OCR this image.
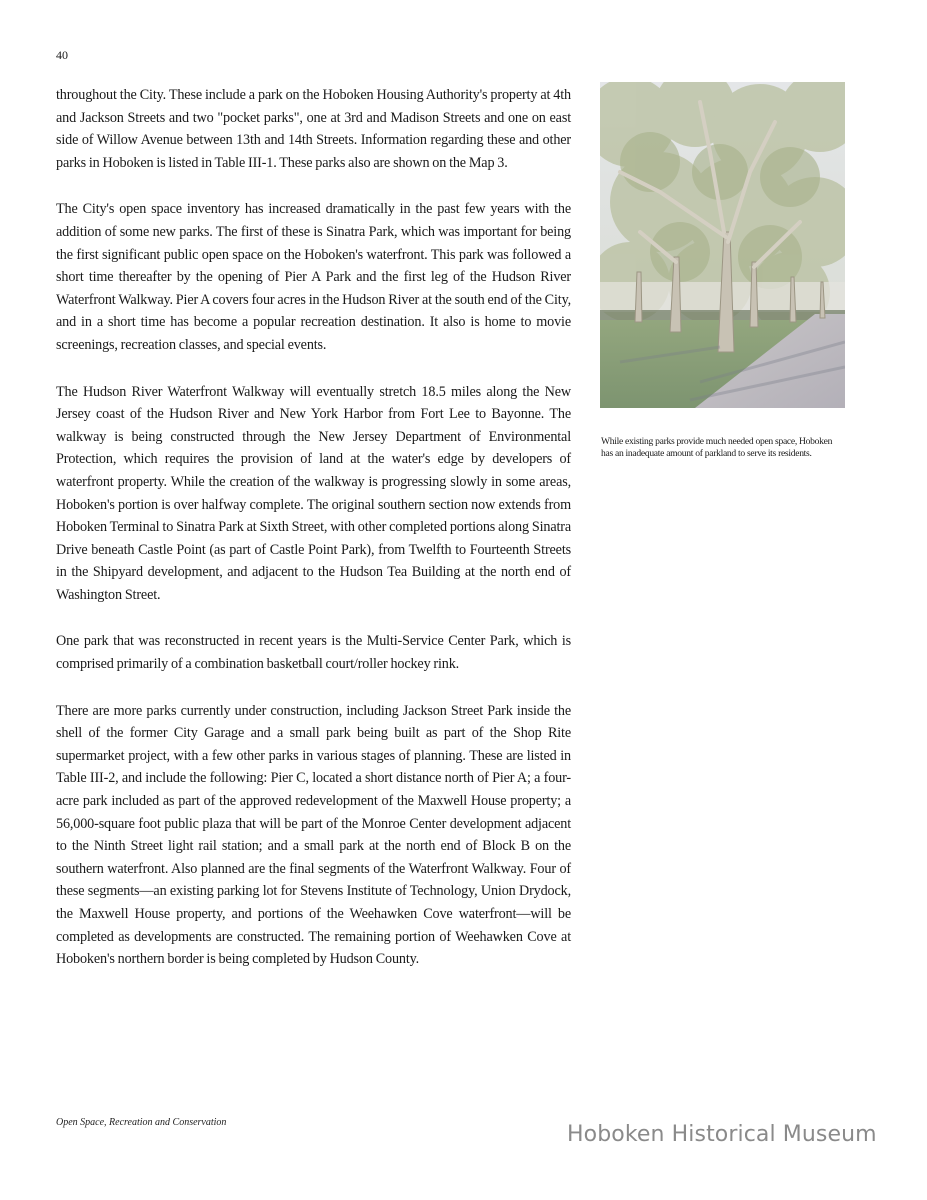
40

throughout the City. These include a park on the Hoboken Housing Authority's property at 4th and Jackson Streets and two "pocket parks", one at 3rd and Madison Streets and one on east side of Willow Avenue between 13th and 14th Streets. Information regarding these and other parks in Hoboken is listed in Table III-1. These parks also are shown on the Map 3.

The City's open space inventory has increased dramatically in the past few years with the addition of some new parks. The first of these is Sinatra Park, which was important for being the first significant public open space on the Hoboken's waterfront. This park was followed a short time thereafter by the opening of Pier A Park and the first leg of the Hudson River Waterfront Walkway. Pier A covers four acres in the Hudson River at the south end of the City, and in a short time has become a popular recreation destination. It also is home to movie screenings, recreation classes, and special events.

The Hudson River Waterfront Walkway will eventually stretch 18.5 miles along the New Jersey coast of the Hudson River and New York Harbor from Fort Lee to Bayonne. The walkway is being constructed through the New Jersey Department of Environmental Protection, which requires the provision of land at the water's edge by developers of waterfront property. While the creation of the walkway is progressing slowly in some areas, Hoboken's portion is over halfway complete. The original southern section now extends from Hoboken Terminal to Sinatra Park at Sixth Street, with other completed portions along Sinatra Drive beneath Castle Point (as part of Castle Point Park), from Twelfth to Fourteenth Streets in the Shipyard development, and adjacent to the Hudson Tea Building at the north end of Washington Street.

One park that was reconstructed in recent years is the Multi-Service Center Park, which is comprised primarily of a combination basketball court/roller hockey rink.

There are more parks currently under construction, including Jackson Street Park inside the shell of the former City Garage and a small park being built as part of the Shop Rite supermarket project, with a few other parks in various stages of planning. These are listed in Table III-2, and include the following: Pier C, located a short distance north of Pier A; a four-acre park included as part of the approved redevelopment of the Maxwell House property; a 56,000-square foot public plaza that will be part of the Monroe Center development adjacent to the Ninth Street light rail station; and a small park at the north end of Block B on the southern waterfront. Also planned are the final segments of the Waterfront Walkway. Four of these segments—an existing parking lot for Stevens Institute of Technology, Union Drydock, the Maxwell House property, and portions of the Weehawken Cove waterfront—will be completed as developments are constructed. The remaining portion of Weehawken Cove at Hoboken's northern border is being completed by Hudson County.

While existing parks provide much needed open space, Hoboken has an inadequate amount of parkland to serve its residents.
Open Space, Recreation and Conservation	Hoboken Historical Museum
